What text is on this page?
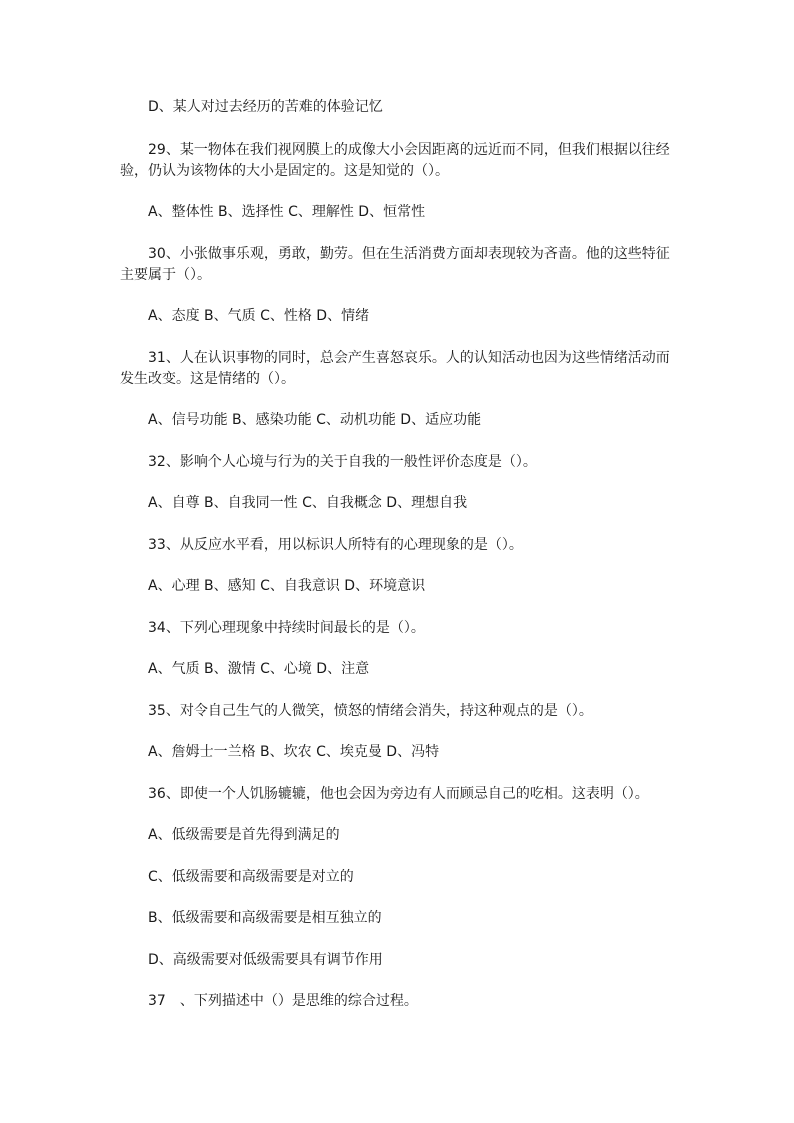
D、某人对过去经历的苦难的体验记忆
29、某一物体在我们视网膜上的成像大小会因距离的远近而不同，但我们根据以往经
验，仍认为该物体的大小是固定的。这是知觉的（）。
A、整体性 B、选择性 C、理解性 D、恒常性
30、小张做事乐观，勇敢，勤劳。但在生活消费方面却表现较为吝啬。他的这些特征
主要属于（）。
A、态度 B、气质 C、性格 D、情绪
31、人在认识事物的同时，总会产生喜怒哀乐。人的认知活动也因为这些情绪活动而
发生改变。这是情绪的（）。
A、信号功能 B、感染功能 C、动机功能 D、适应功能
32、影响个人心境与行为的关于自我的一般性评价态度是（）。
A、自尊 B、自我同一性 C、自我概念 D、理想自我
33、从反应水平看，用以标识人所特有的心理现象的是（）。
A、心理 B、感知 C、自我意识 D、环境意识
34、下列心理现象中持续时间最长的是（）。
A、气质 B、激情 C、心境 D、注意
35、对令自己生气的人微笑，愤怒的情绪会消失，持这种观点的是（）。
A、詹姆士一兰格 B、坎农 C、埃克曼 D、冯特
36、即使一个人饥肠辘辘，他也会因为旁边有人而顾忌自己的吃相。这表明（）。
A、低级需要是首先得到满足的
C、低级需要和高级需要是对立的
B、低级需要和高级需要是相互独立的
D、高级需要对低级需要具有调节作用
37　、下列描述中（）是思维的综合过程。
